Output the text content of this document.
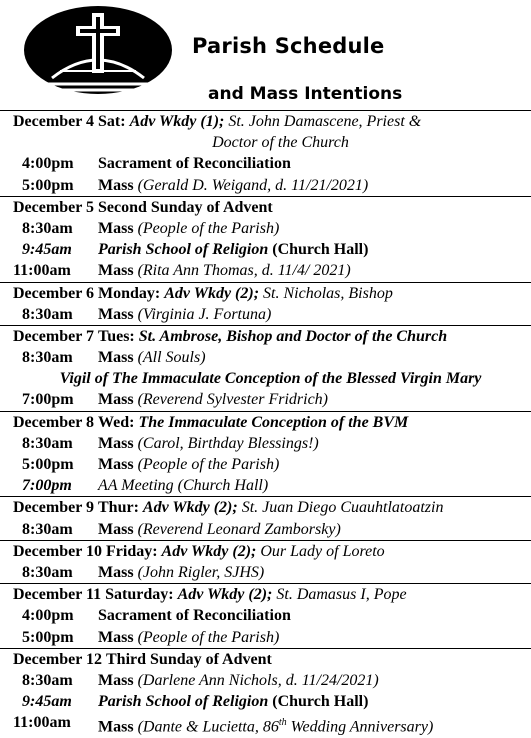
Parish Schedule
and Mass Intentions
December 4 Sat: Adv Wkdy (1); St. John Damascene, Priest &
Doctor of the Church
4:00pm Sacrament of Reconciliation
5:00pm Mass (Gerald D. Weigand, d. 11/21/2021)
December 5 Second Sunday of Advent
8:30am Mass (People of the Parish)
9:45am Parish School of Religion (Church Hall)
11:00am Mass (Rita Ann Thomas, d. 11/4/ 2021)
December 6 Monday: Adv Wkdy (2); St. Nicholas, Bishop
8:30am Mass (Virginia J. Fortuna)
December 7 Tues: St. Ambrose, Bishop and Doctor of the Church
8:30am Mass (All Souls)
Vigil of The Immaculate Conception of the Blessed Virgin Mary
7:00pm Mass (Reverend Sylvester Fridrich)
December 8 Wed: The Immaculate Conception of the BVM
8:30am Mass (Carol, Birthday Blessings!)
5:00pm Mass (People of the Parish)
7:00pm AA Meeting (Church Hall)
December 9 Thur: Adv Wkdy (2); St. Juan Diego Cuauhtlatoatzin
8:30am Mass (Reverend Leonard Zamborsky)
December 10 Friday: Adv Wkdy (2); Our Lady of Loreto
8:30am Mass (John Rigler, SJHS)
December 11 Saturday: Adv Wkdy (2); St. Damasus I, Pope
4:00pm Sacrament of Reconciliation
5:00pm Mass (People of the Parish)
December 12 Third Sunday of Advent
8:30am Mass (Darlene Ann Nichols, d. 11/24/2021)
9:45am Parish School of Religion (Church Hall)
11:00am Mass (Dante & Lucietta, 86th Wedding Anniversary)
